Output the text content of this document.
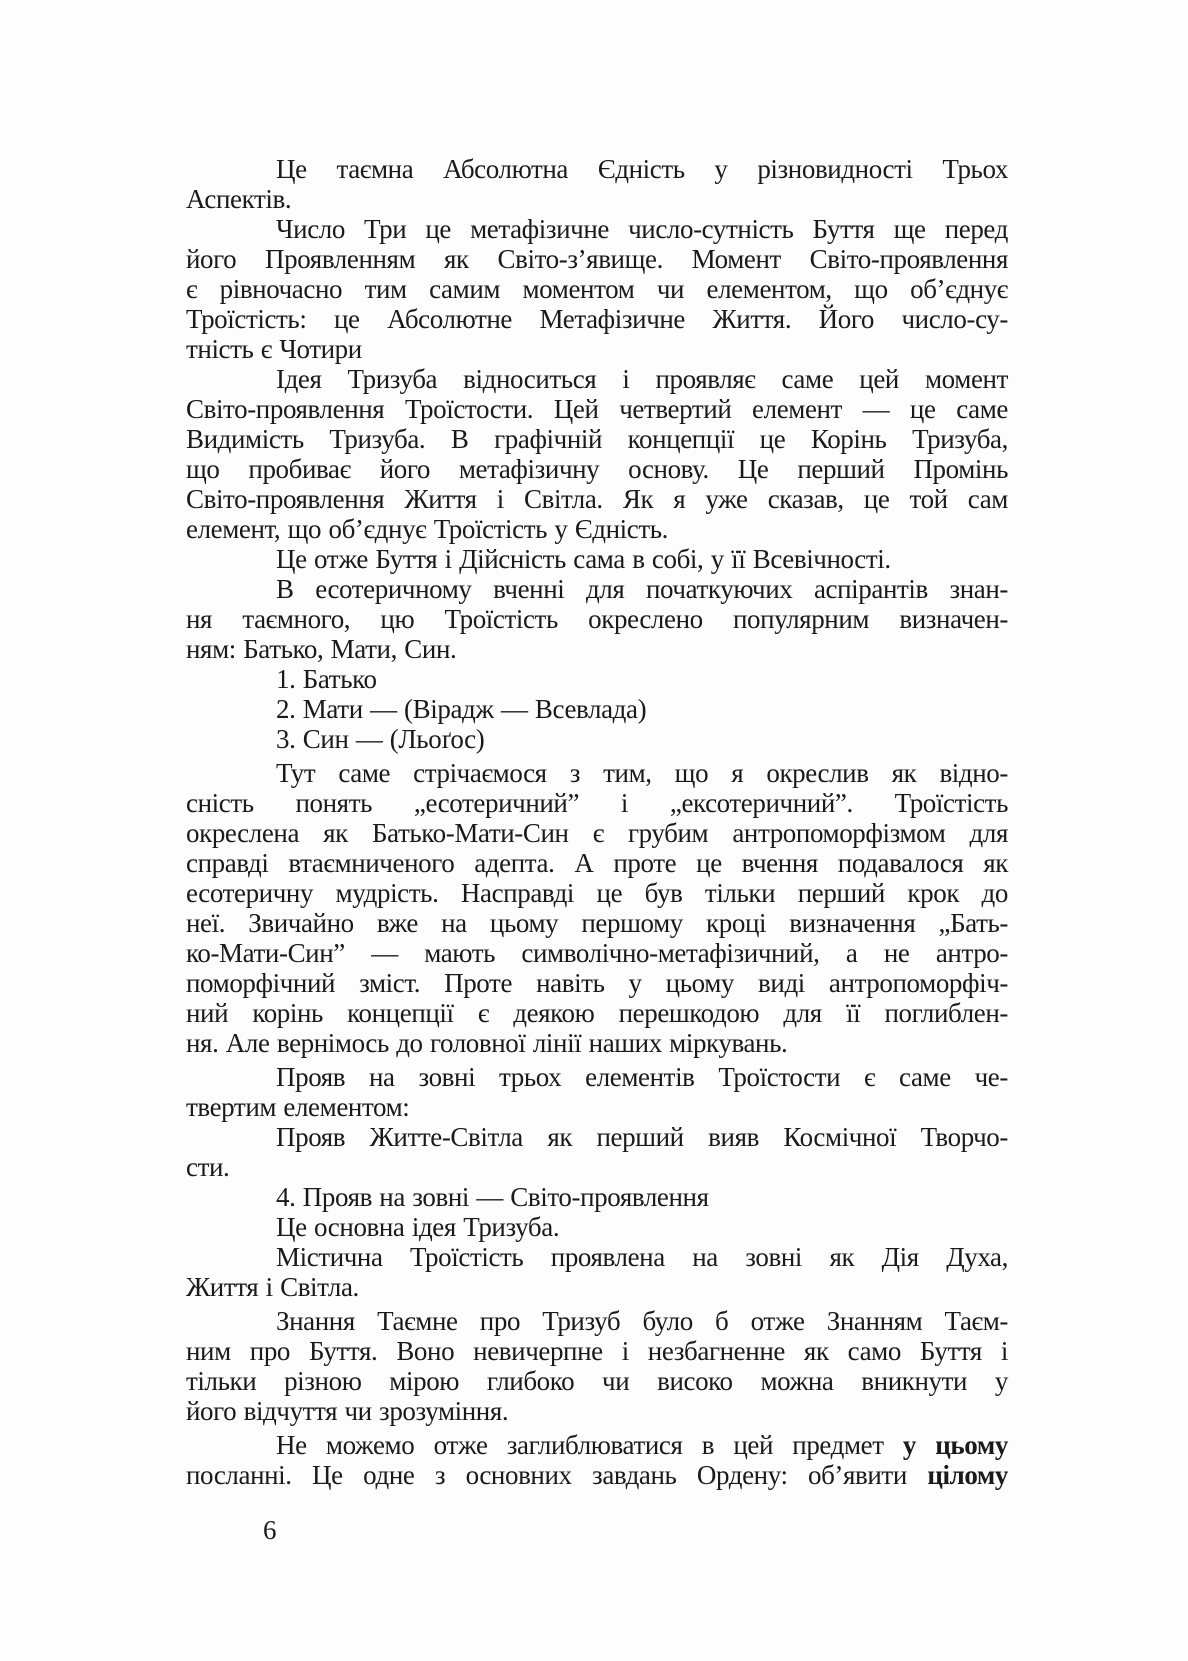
Це таємна Абсолютна Єдність у різновидності Трьох
Аспектів.
Число Три це метафізичне число-сутність Буття ще перед
його Проявленням як Світо-з’явище. Момент Світо-проявлення
є рівночасно тим самим моментом чи елементом, що об’єднує
Троїстість: це Абсолютне Метафізичне Життя. Його число-су-
тність є Чотири
Ідея Тризуба відноситься і проявляє саме цей момент
Світо-проявлення Троїстости. Цей четвертий елемент — це саме
Видимість Тризуба. В графічній концепції це Корінь Тризуба,
що пробиває його метафізичну основу. Це перший Промінь
Світо-проявлення Життя і Світла. Як я уже сказав, це той сам
елемент, що об’єднує Троїстість у Єдність.
Це отже Буття і Дійсність сама в собі, у її Всевічності.
В есотеричному вченні для початкуючих аспірантів знан-
ня таємного, цю Троїстість окреслено популярним визначен-
ням: Батько, Мати, Син.
1. Батько
2. Мати — (Вірадж — Всевлада)
3. Син — (Льоґос)
Тут саме стрічаємося з тим, що я окреслив як відно-
сність понять „есотеричний” і „ексотеричний”. Троїстість
окреслена як Батько-Мати-Син є грубим антропоморфізмом для
справді втаємниченого адепта. А проте це вчення подавалося як
есотеричну мудрість. Насправді це був тільки перший крок до
неї. Звичайно вже на цьому першому кроці визначення „Бать-
ко-Мати-Син” — мають символічно-метафізичний, а не антро-
поморфічний зміст. Проте навіть у цьому виді антропоморфіч-
ний корінь концепції є деякою перешкодою для її поглиблен-
ня. Але вернімось до головної лінії наших міркувань.
Прояв на зовні трьох елементів Троїстости є саме че-
твертим елементом:
Прояв Житте-Світла як перший вияв Космічної Творчо-
сти.
4. Прояв на зовні — Світо-проявлення
Це основна ідея Тризуба.
Містична Троїстість проявлена на зовні як Дія Духа,
Життя і Світла.
Знання Таємне про Тризуб було б отже Знанням Таєм-
ним про Буття. Воно невичерпне і незбагненне як само Буття і
тільки різною мірою глибоко чи високо можна вникнути у
його відчуття чи зрозуміння.
Не можемо отже заглиблюватися в цей предмет у цьому
посланні. Це одне з основних завдань Ордену: об’явити цілому
6
